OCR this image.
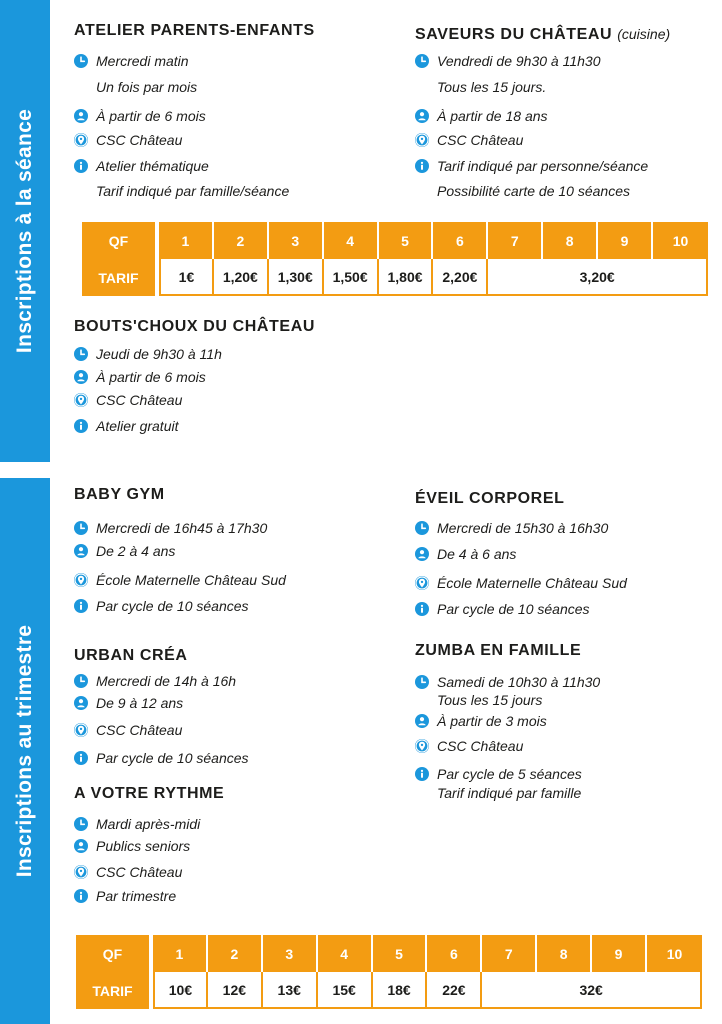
Inscriptions à la séance
Inscriptions au trimestre
ATELIER PARENTS-ENFANTS
Mercredi matin
Un fois par mois
À partir de 6 mois
CSC Château
Atelier thématique
Tarif indiqué par famille/séance
SAVEURS DU CHÂTEAU (cuisine)
Vendredi de 9h30 à 11h30
Tous les 15 jours.
À partir de 18 ans
CSC Château
Tarif indiqué par personne/séance
Possibilité carte de 10 séances
QF	1	2	3	4	5	6	7	8	9	10
TARIF	1€	1,20€	1,30€	1,50€	1,80€	2,20€	3,20€			
BOUTS'CHOUX DU CHÂTEAU
Jeudi de 9h30 à 11h
À partir de 6 mois
CSC Château
Atelier gratuit
BABY GYM
Mercredi de 16h45 à 17h30
De 2 à 4 ans
École Maternelle Château Sud
Par cycle de 10 séances
ÉVEIL CORPOREL
Mercredi de 15h30 à 16h30
De 4 à 6 ans
École Maternelle Château Sud
Par cycle de 10 séances
URBAN CRÉA
Mercredi de 14h à 16h
De 9 à 12 ans
CSC Château
Par cycle de 10 séances
ZUMBA EN FAMILLE
Samedi de 10h30 à 11h30
Tous les 15 jours
À partir de 3 mois
CSC Château
Par cycle de 5 séances
Tarif indiqué par famille
A VOTRE RYTHME
Mardi après-midi
Publics seniors
CSC Château
Par trimestre
QF	1	2	3	4	5	6	7	8	9	10
TARIF	10€	12€	13€	15€	18€	22€	32€			
